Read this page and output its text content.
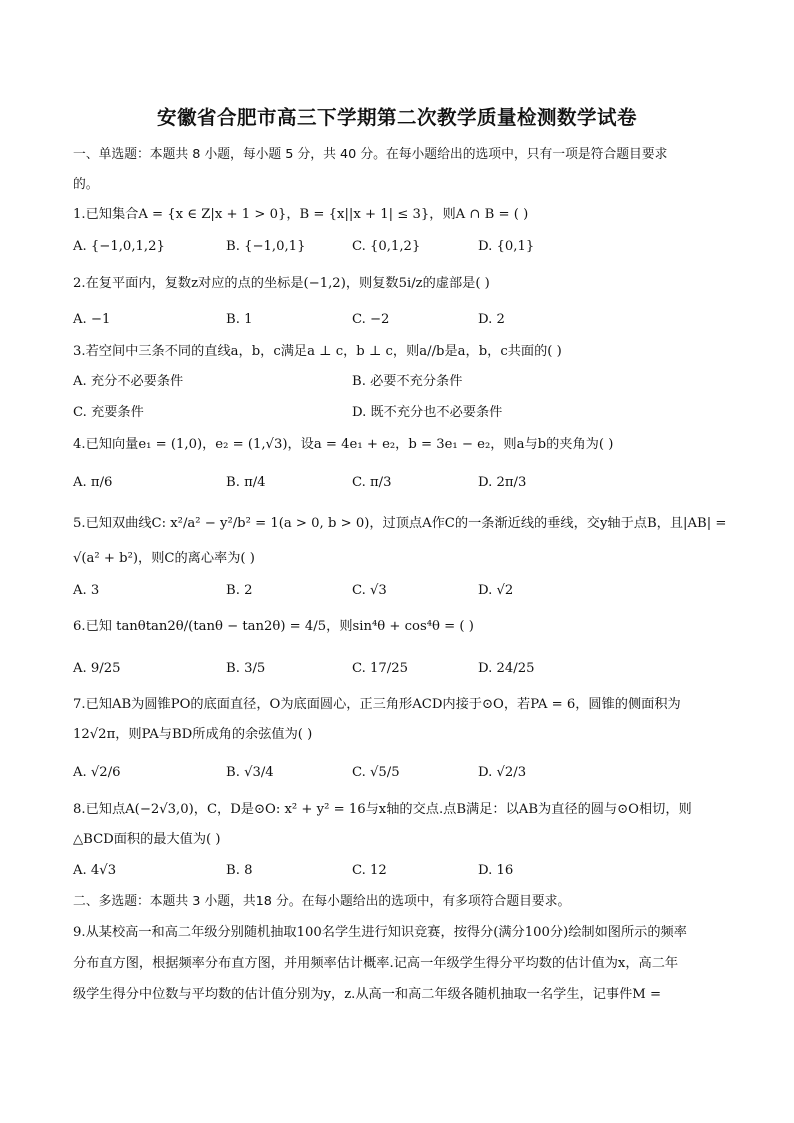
安徽省合肥市高三下学期第二次教学质量检测数学试卷
一、单选题：本题共 8 小题，每小题 5 分，共 40 分。在每小题给出的选项中，只有一项是符合题目要求
的。
1.已知集合A = {x ∈ Z|x + 1 > 0}，B = {x||x + 1| ≤ 3}，则A ∩ B = ( )
A. {−1,0,1,2}	B. {−1,0,1}	C. {0,1,2}	D. {0,1}
2.在复平面内，复数z对应的点的坐标是(−1,2)，则复数5i/z的虚部是( )
A. −1	B. 1	C. −2	D. 2
3.若空间中三条不同的直线a，b，c满足a ⊥ c，b ⊥ c，则a//b是a，b，c共面的( )
A. 充分不必要条件	B. 必要不充分条件
C. 充要条件	D. 既不充分也不必要条件
4.已知向量e₁ = (1,0)，e₂ = (1,√3)，设a = 4e₁ + e₂，b = 3e₁ − e₂，则a与b的夹角为( )
A. π/6	B. π/4	C. π/3	D. 2π/3
5.已知双曲线C: x²/a² − y²/b² = 1(a > 0, b > 0)，过顶点A作C的一条渐近线的垂线，交y轴于点B，且|AB| =
√(a² + b²)，则C的离心率为( )
A. 3	B. 2	C. √3	D. √2
6.已知 tanθtan2θ/(tanθ − tan2θ) = 4/5，则sin⁴θ + cos⁴θ = ( )
A. 9/25	B. 3/5	C. 17/25	D. 24/25
7.已知AB为圆锥PO的底面直径，O为底面圆心，正三角形ACD内接于⊙O，若PA = 6，圆锥的侧面积为
12√2π，则PA与BD所成角的余弦值为( )
A. √2/6	B. √3/4	C. √5/5	D. √2/3
8.已知点A(−2√3,0)，C，D是⊙O: x² + y² = 16与x轴的交点.点B满足：以AB为直径的圆与⊙O相切，则
△BCD面积的最大值为( )
A. 4√3	B. 8	C. 12	D. 16
二、多选题：本题共 3 小题，共18 分。在每小题给出的选项中，有多项符合题目要求。
9.从某校高一和高二年级分别随机抽取100名学生进行知识竞赛，按得分(满分100分)绘制如图所示的频率
分布直方图，根据频率分布直方图，并用频率估计概率.记高一年级学生得分平均数的估计值为x，高二年
级学生得分中位数与平均数的估计值分别为y，z.从高一和高二年级各随机抽取一名学生，记事件M =
